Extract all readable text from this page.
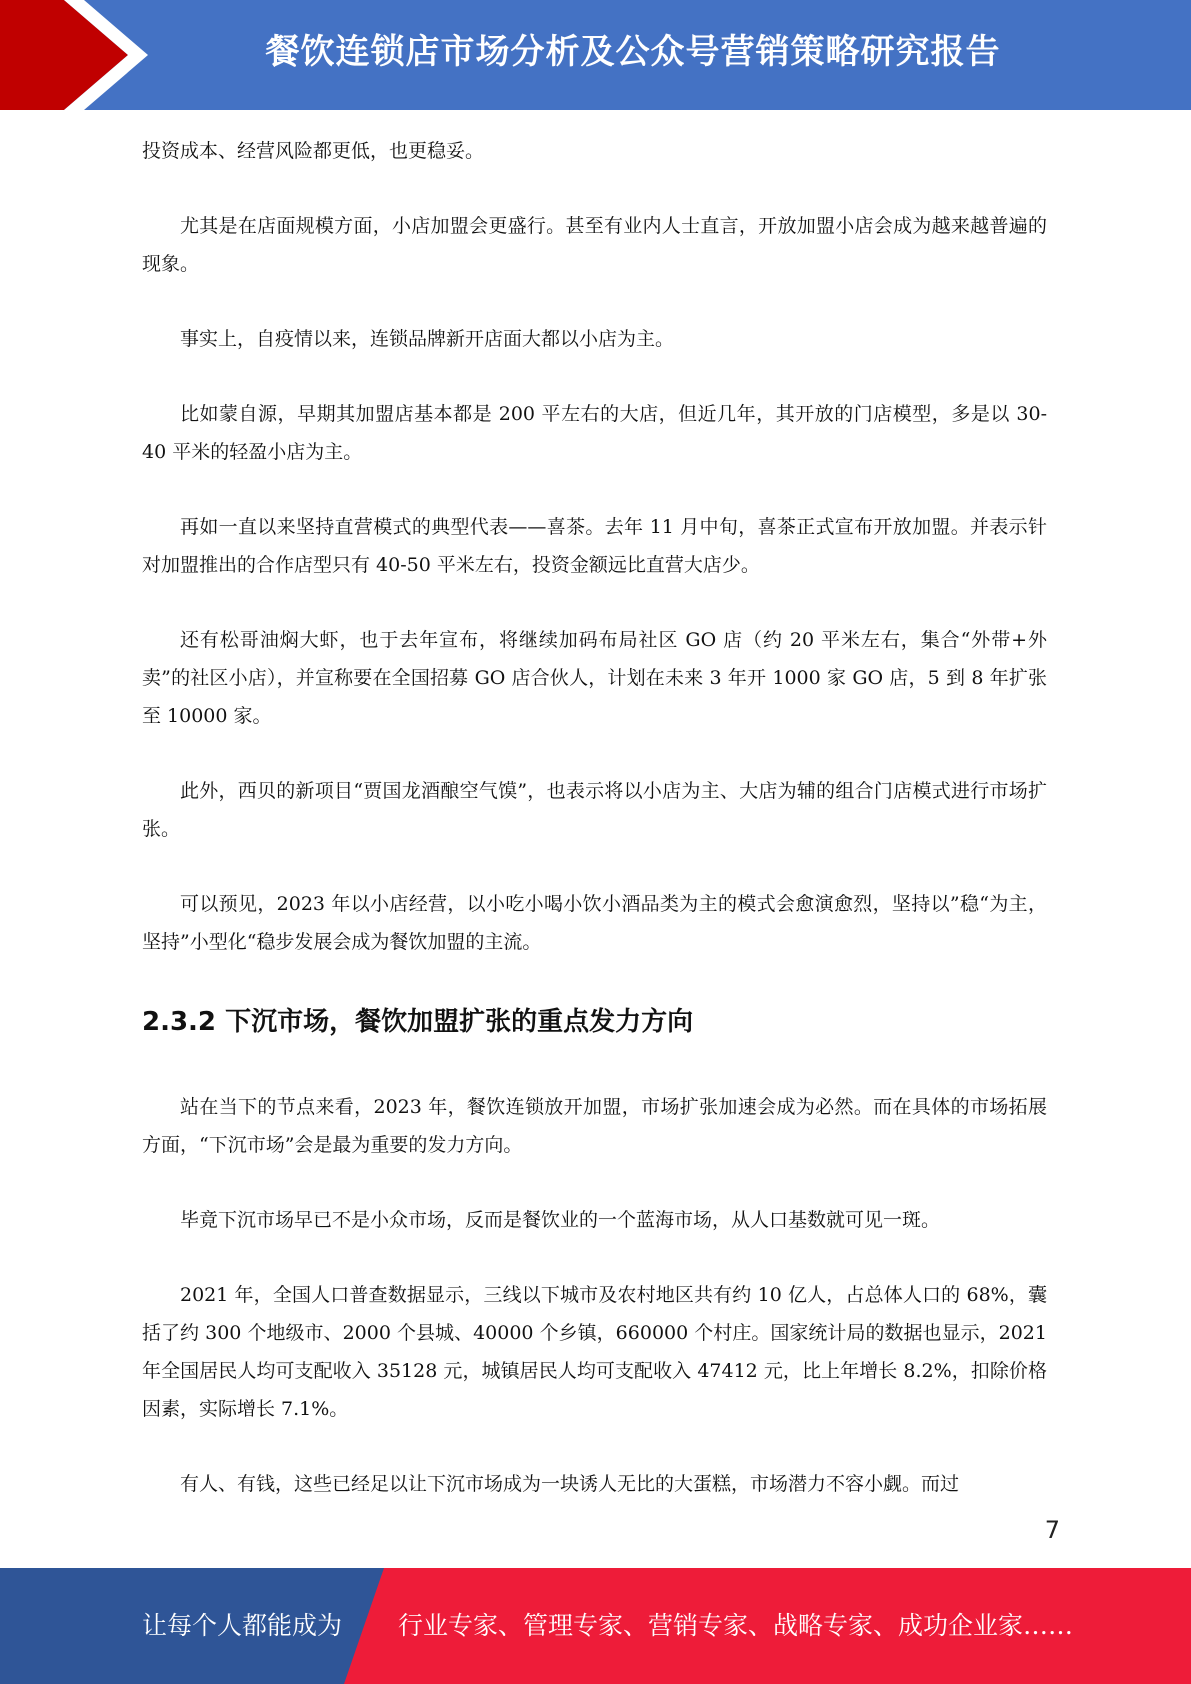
餐饮连锁店市场分析及公众号营销策略研究报告

投资成本、经营风险都更低，也更稳妥。

尤其是在店面规模方面，小店加盟会更盛行。甚至有业内人士直言，开放加盟小店会成为越来越普遍的现象。

事实上，自疫情以来，连锁品牌新开店面大都以小店为主。

比如蒙自源，早期其加盟店基本都是 200 平左右的大店，但近几年，其开放的门店模型，多是以 30-40 平米的轻盈小店为主。

再如一直以来坚持直营模式的典型代表——喜茶。去年 11 月中旬，喜茶正式宣布开放加盟。并表示针对加盟推出的合作店型只有 40-50 平米左右，投资金额远比直营大店少。

还有松哥油焖大虾，也于去年宣布，将继续加码布局社区 GO 店（约 20 平米左右，集合“外带+外卖”的社区小店），并宣称要在全国招募 GO 店合伙人，计划在未来 3 年开 1000 家 GO 店，5 到 8 年扩张至 10000 家。

此外，西贝的新项目“贾国龙酒酿空气馍”，也表示将以小店为主、大店为辅的组合门店模式进行市场扩张。

可以预见，2023 年以小店经营，以小吃小喝小饮小酒品类为主的模式会愈演愈烈，坚持以”稳“为主，坚持”小型化“稳步发展会成为餐饮加盟的主流。

2.3.2 下沉市场，餐饮加盟扩张的重点发力方向

站在当下的节点来看，2023 年，餐饮连锁放开加盟，市场扩张加速会成为必然。而在具体的市场拓展方面，“下沉市场”会是最为重要的发力方向。

毕竟下沉市场早已不是小众市场，反而是餐饮业的一个蓝海市场，从人口基数就可见一斑。

2021 年，全国人口普查数据显示，三线以下城市及农村地区共有约 10 亿人，占总体人口的 68%，囊括了约 300 个地级市、2000 个县城、40000 个乡镇，660000 个村庄。国家统计局的数据也显示，2021 年全国居民人均可支配收入 35128 元，城镇居民人均可支配收入 47412 元，比上年增长 8.2%，扣除价格因素，实际增长 7.1%。

有人、有钱，这些已经足以让下沉市场成为一块诱人无比的大蛋糕，市场潜力不容小觑。而过

7
让每个人都能成为 行业专家、管理专家、营销专家、战略专家、成功企业家……
